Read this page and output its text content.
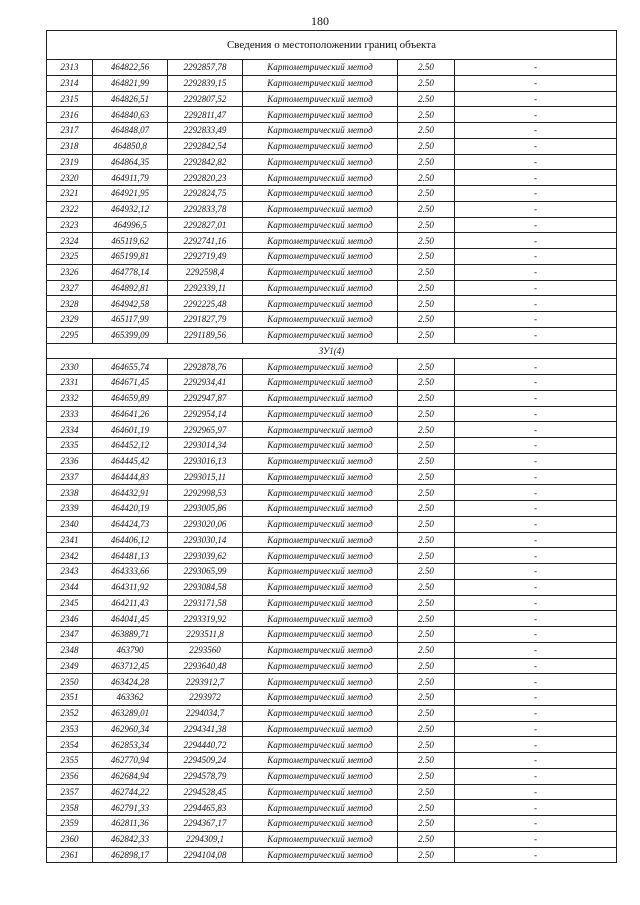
180
Сведения о местоположении границ объекта					
2313	464822,56	2292857,78	Картометрический метод	2.50	-
2314	464821,99	2292839,15	Картометрический метод	2.50	-
2315	464826,51	2292807,52	Картометрический метод	2.50	-
2316	464840,63	2292811,47	Картометрический метод	2.50	-
2317	464848,07	2292833,49	Картометрический метод	2.50	-
2318	464850,8	2292842,54	Картометрический метод	2.50	-
2319	464864,35	2292842,82	Картометрический метод	2.50	-
2320	464911,79	2292820,23	Картометрический метод	2.50	-
2321	464921,95	2292824,75	Картометрический метод	2.50	-
2322	464932,12	2292833,78	Картометрический метод	2.50	-
2323	464996,5	2292827,01	Картометрический метод	2.50	-
2324	465119,62	2292741,16	Картометрический метод	2.50	-
2325	465199,81	2292719,49	Картометрический метод	2.50	-
2326	464778,14	2292598,4	Картометрический метод	2.50	-
2327	464892,81	2292339,11	Картометрический метод	2.50	-
2328	464942,58	2292225,48	Картометрический метод	2.50	-
2329	465117,99	2291827,79	Картометрический метод	2.50	-
2295	465399,09	2291189,56	Картометрический метод	2.50	-
ЗУ1(4)					
2330	464655,74	2292878,76	Картометрический метод	2.50	-
2331	464671,45	2292934,41	Картометрический метод	2.50	-
2332	464659,89	2292947,87	Картометрический метод	2.50	-
2333	464641,26	2292954,14	Картометрический метод	2.50	-
2334	464601,19	2292965,97	Картометрический метод	2.50	-
2335	464452,12	2293014,34	Картометрический метод	2.50	-
2336	464445,42	2293016,13	Картометрический метод	2.50	-
2337	464444,83	2293015,11	Картометрический метод	2.50	-
2338	464432,91	2292998,53	Картометрический метод	2.50	-
2339	464420,19	2293005,86	Картометрический метод	2.50	-
2340	464424,73	2293020,06	Картометрический метод	2.50	-
2341	464406,12	2293030,14	Картометрический метод	2.50	-
2342	464481,13	2293039,62	Картометрический метод	2.50	-
2343	464333,66	2293065,99	Картометрический метод	2.50	-
2344	464311,92	2293084,58	Картометрический метод	2.50	-
2345	464211,43	2293171,58	Картометрический метод	2.50	-
2346	464041,45	2293319,92	Картометрический метод	2.50	-
2347	463889,71	2293511,8	Картометрический метод	2.50	-
2348	463790	2293560	Картометрический метод	2.50	-
2349	463712,45	2293640,48	Картометрический метод	2.50	-
2350	463424,28	2293912,7	Картометрический метод	2.50	-
2351	463362	2293972	Картометрический метод	2.50	-
2352	463289,01	2294034,7	Картометрический метод	2.50	-
2353	462960,34	2294341,38	Картометрический метод	2.50	-
2354	462853,34	2294440,72	Картометрический метод	2.50	-
2355	462770,94	2294509,24	Картометрический метод	2.50	-
2356	462684,94	2294578,79	Картометрический метод	2.50	-
2357	462744,22	2294528,45	Картометрический метод	2.50	-
2358	462791,33	2294465,83	Картометрический метод	2.50	-
2359	462811,36	2294367,17	Картометрический метод	2.50	-
2360	462842,33	2294309,1	Картометрический метод	2.50	-
2361	462898,17	2294104,08	Картометрический метод	2.50	-
